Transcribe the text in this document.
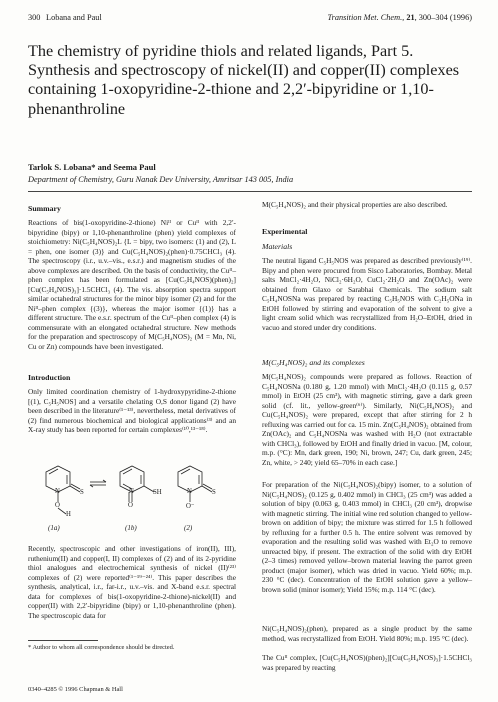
300 Lobana and Paul	Transition Met. Chem., 21, 300–304 (1996)
The chemistry of pyridine thiols and related ligands, Part 5. Synthesis and spectroscopy of nickel(II) and copper(II) complexes containing 1-oxopyridine-2-thione and 2,2′-bipyridine or 1,10-phenanthroline
Tarlok S. Lobana* and Seema Paul
Department of Chemistry, Guru Nanak Dev University, Amritsar 143 005, India
Summary

Reactions of bis(1-oxopyridine-2-thione) Niᴵᴵ or Cuᴵᴵ with 2,2′-bipyridine (bipy) or 1,10-phenanthroline (phen) yield complexes of stoichiometry: Ni(C₅H₄NOS)₂L {L = bipy, two isomers: (1) and (2), L = phen, one isomer (3)} and Cu(C₅H₄NOS)₂(phen)·0.75CHCl₃ (4). The spectroscopy (i.r., u.v.–vis., e.s.r.) and magnetism studies of the above complexes are described. On the basis of conductivity, the Cuᴵᴵ–phen complex has been formulated as [Cu(C₅H₄NOS)(phen)₂][Cu(C₅H₄NOS)₃]·1.5CHCl₃ (4). The vis. absorption spectra support similar octahedral structures for the minor bipy isomer (2) and for the Niᴵᴵ–phen complex {(3)}, whereas the major isomer {(1)} has a different structure. The e.s.r. spectrum of the Cuᴵᴵ–phen complex (4) is commensurate with an elongated octahedral structure. New methods for the preparation and spectroscopy of M(C₅H₄NOS)₂ (M = Mn, Ni, Cu or Zn) compounds have been investigated.

Introduction

Only limited coordination chemistry of 1-hydroxypyridine-2-thione [(1), C₅H₅NOS] and a versatile chelating O,S donor ligand (2) have been described in the literature⁽¹⁻¹³⁾, nevertheless, metal derivatives of (2) find numerous biochemical and biological applications⁽³⁾ and an X-ray study has been reported for certain complexes⁽¹⁰,¹³⁻¹⁸⁾.

N	S
O
H
N	SH
O
N	S
O⁻
(1a)	(1b)	(2)

Recently, spectroscopic and other investigations of iron(II), III), ruthenium(II) and copper(I, II) complexes of (2) and of its 2-pyridine thiol analogues and electrochemical synthesis of nickel (II)⁽²³⁾ complexes of (2) were reported⁽¹⁻¹⁹⁻²⁴⁾. This paper describes the synthesis, analytical, i.r., far-i.r., u.v.–vis. and X-band e.s.r. spectral data for complexes of bis(1-oxopyridine-2-thione)-nickel(II) and copper(II) with 2,2′-bipyridine (bipy) or 1,10-phenanthroline (phen). The spectroscopic data for

* Author to whom all correspondence should be directed.
0340–4285 © 1996 Chapman & Hall

M(C₅H₄NOS)₂ and their physical properties are also described.

Experimental
Materials

The neutral ligand C₅H₅NOS was prepared as described previously⁽¹⁹⁾. Bipy and phen were procured from Sisco Laboratories, Bombay. Metal salts MnCl₂·4H₂O, NiCl₂·6H₂O, CuCl₂·2H₂O and Zn(OAc)₂ were obtained from Glaxo or Sarabhai Chemicals. The sodium salt C₅H₄NOSNa was prepared by reacting C₅H₅NOS with C₂H₅ONa in EtOH followed by stirring and evaporation of the solvent to give a light cream solid which was recrystallized from H₂O–EtOH, dried in vacuo and stored under dry conditions.

M(C₅H₄NOS)₂ and its complexes

M(C₅H₄NOS)₂ compounds were prepared as follows. Reaction of C₅H₄NOSNa (0.180 g, 1.20 mmol) with MnCl₂·4H₂O (0.115 g, 0.57 mmol) in EtOH (25 cm³), with magnetic stirring, gave a dark green solid (cf. lit., yellow-green⁽⁶⁾). Similarly, Ni(C₅H₄NOS)₂ and Cu(C₅H₄NOS)₂ were prepared, except that after stirring for 2 h refluxing was carried out for ca. 15 min. Zn(C₅H₄NOS)₂ obtained from Zn(OAc)₂ and C₅H₄NOSNa was washed with H₂O (not extractable with CHCl₃), followed by EtOH and finally dried in vacuo. [M, colour, m.p. (°C): Mn, dark green, 190; Ni, brown, 247; Cu, dark green, 245; Zn, white, > 240; yield 65–70% in each case.]

For preparation of the Ni(C₅H₄NOS)₂(bipy) isomer, to a solution of Ni(C₅H₄NOS)₂ (0.125 g, 0.402 mmol) in CHCl₃ (25 cm³) was added a solution of bipy (0.063 g, 0.403 mmol) in CHCl₃ (20 cm³), dropwise with magnetic stirring. The initial wine red solution changed to yellow-brown on addition of bipy; the mixture was stirred for 1.5 h followed by refluxing for a further 0.5 h. The entire solvent was removed by evaporation and the resulting solid was washed with Et₂O to remove unreacted bipy, if present. The extraction of the solid with dry EtOH (2–3 times) removed yellow–brown material leaving the parrot green product (major isomer), which was dried in vacuo. Yield 60%; m.p. 230 °C (dec). Concentration of the EtOH solution gave a yellow–brown solid (minor isomer); Yield 15%; m.p. 114 °C (dec).

Ni(C₅H₄NOS)₂(phen), prepared as a single product by the same method, was recrystallized from EtOH. Yield 80%; m.p. 195 °C (dec).

The Cuᴵᴵ complex, [Cu(C₅H₄NOS)(phen)₂][Cu(C₅H₄NOS)₃]·1.5CHCl₃ was prepared by reacting
